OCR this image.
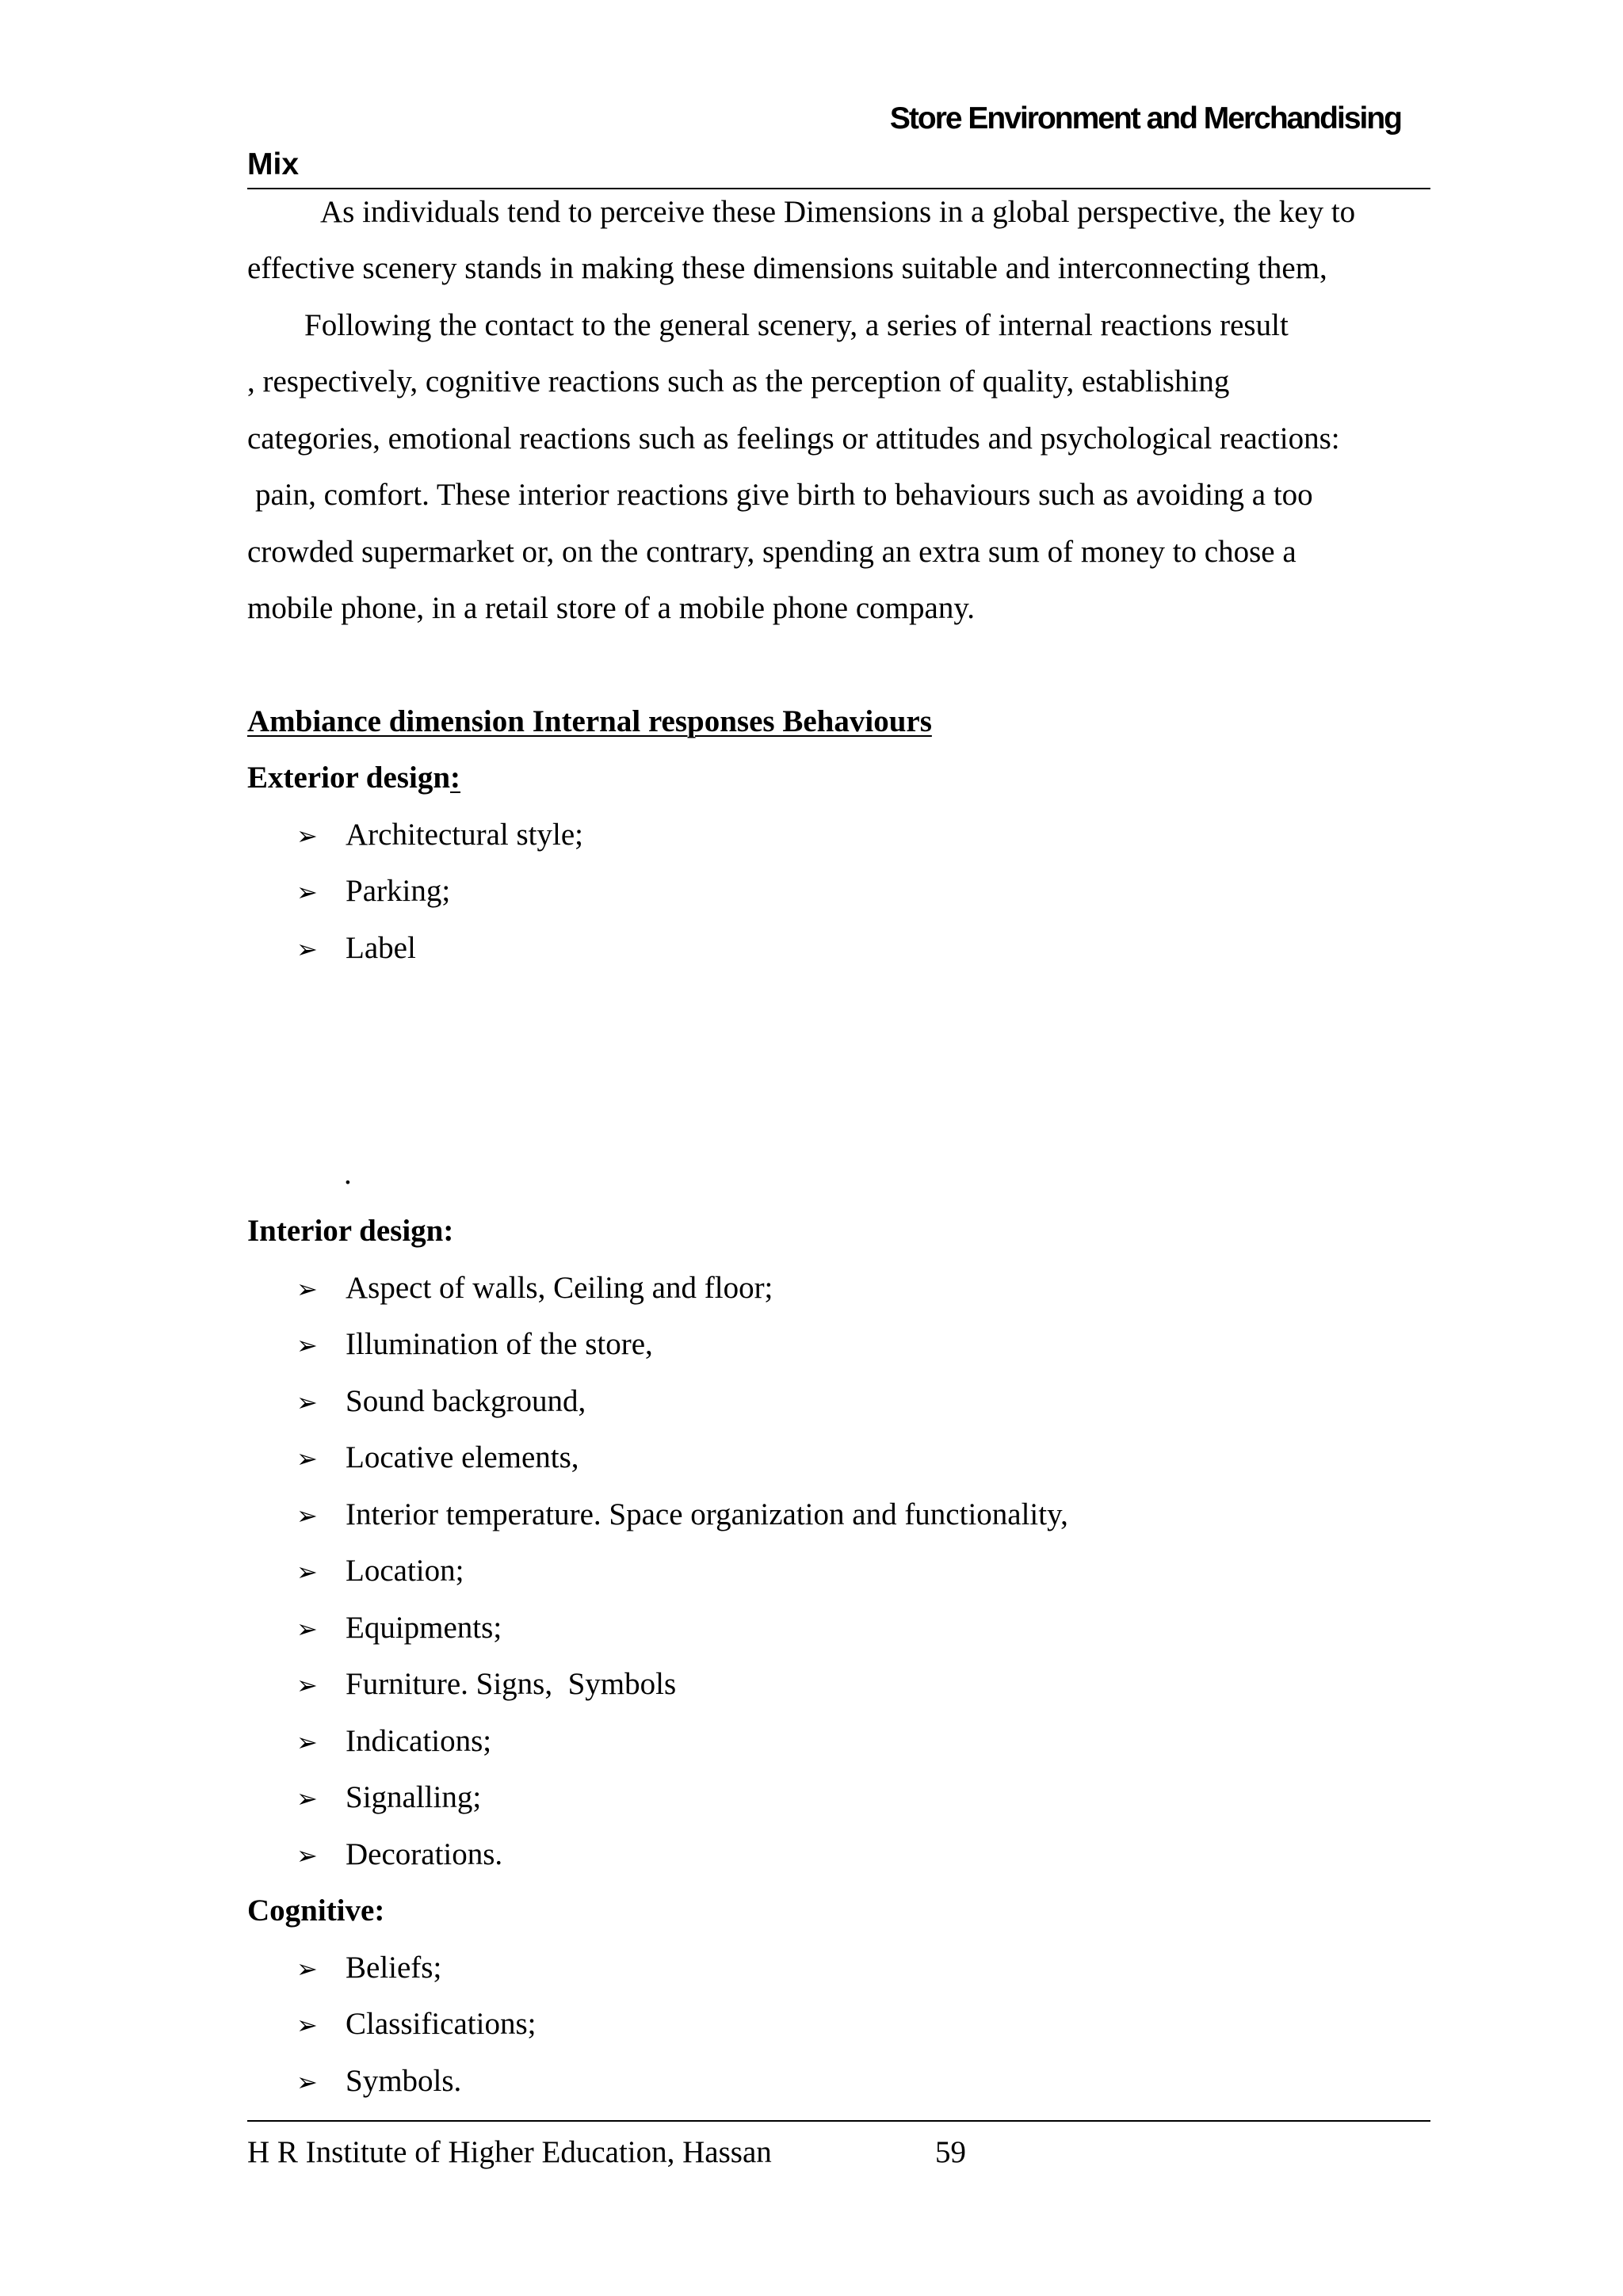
Store Environment and Merchandising
Mix
As individuals tend to perceive these Dimensions in a global perspective, the key to
effective scenery stands in making these dimensions suitable and interconnecting them,
Following the contact to the general scenery, a series of internal reactions result
, respectively, cognitive reactions such as the perception of quality, establishing
categories, emotional reactions such as feelings or attitudes and psychological reactions:
pain, comfort. These interior reactions give birth to behaviours such as avoiding a too
crowded supermarket or, on the contrary, spending an extra sum of money to chose a
mobile phone, in a retail store of a mobile phone company.
Ambiance dimension Internal responses Behaviours
Exterior design:
➢ Architectural style;
➢ Parking;
➢ Label
.
Interior design:
➢ Aspect of walls, Ceiling and floor;
➢ Illumination of the store,
➢ Sound background,
➢ Locative elements,
➢ Interior temperature. Space organization and functionality,
➢ Location;
➢ Equipments;
➢ Furniture. Signs,  Symbols
➢ Indications;
➢ Signalling;
➢ Decorations.
Cognitive:
➢ Beliefs;
➢ Classifications;
➢ Symbols.
H R Institute of Higher Education, Hassan	59
